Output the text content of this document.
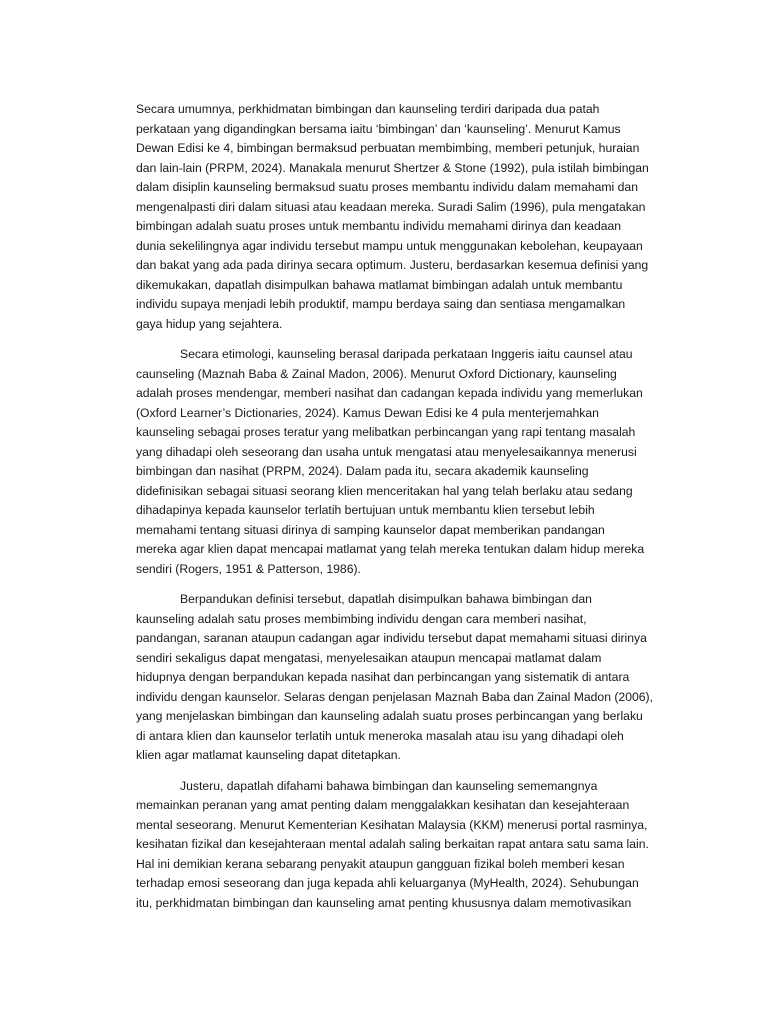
Secara umumnya, perkhidmatan bimbingan dan kaunseling terdiri daripada dua patah
perkataan yang digandingkan bersama iaitu ‘bimbingan’ dan ‘kaunseling’. Menurut Kamus
Dewan Edisi ke 4, bimbingan bermaksud perbuatan membimbing, memberi petunjuk, huraian
dan lain-lain (PRPM, 2024). Manakala menurut Shertzer & Stone (1992), pula istilah bimbingan
dalam disiplin kaunseling bermaksud suatu proses membantu individu dalam memahami dan
mengenalpasti diri dalam situasi atau keadaan mereka. Suradi Salim (1996), pula mengatakan
bimbingan adalah suatu proses untuk membantu individu memahami dirinya dan keadaan
dunia sekelilingnya agar individu tersebut mampu untuk menggunakan kebolehan, keupayaan
dan bakat yang ada pada dirinya secara optimum. Justeru, berdasarkan kesemua definisi yang
dikemukakan, dapatlah disimpulkan bahawa matlamat bimbingan adalah untuk membantu
individu supaya menjadi lebih produktif, mampu berdaya saing dan sentiasa mengamalkan
gaya hidup yang sejahtera.
Secara etimologi, kaunseling berasal daripada perkataan Inggeris iaitu caunsel atau
caunseling (Maznah Baba & Zainal Madon, 2006). Menurut Oxford Dictionary, kaunseling
adalah proses mendengar, memberi nasihat dan cadangan kepada individu yang memerlukan
(Oxford Learner’s Dictionaries, 2024). Kamus Dewan Edisi ke 4 pula menterjemahkan
kaunseling sebagai proses teratur yang melibatkan perbincangan yang rapi tentang masalah
yang dihadapi oleh seseorang dan usaha untuk mengatasi atau menyelesaikannya menerusi
bimbingan dan nasihat (PRPM, 2024). Dalam pada itu, secara akademik kaunseling
didefinisikan sebagai situasi seorang klien menceritakan hal yang telah berlaku atau sedang
dihadapinya kepada kaunselor terlatih bertujuan untuk membantu klien tersebut lebih
memahami tentang situasi dirinya di samping kaunselor dapat memberikan pandangan
mereka agar klien dapat mencapai matlamat yang telah mereka tentukan dalam hidup mereka
sendiri (Rogers, 1951 & Patterson, 1986).
Berpandukan definisi tersebut, dapatlah disimpulkan bahawa bimbingan dan
kaunseling adalah satu proses membimbing individu dengan cara memberi nasihat,
pandangan, saranan ataupun cadangan agar individu tersebut dapat memahami situasi dirinya
sendiri sekaligus dapat mengatasi, menyelesaikan ataupun mencapai matlamat dalam
hidupnya dengan berpandukan kepada nasihat dan perbincangan yang sistematik di antara
individu dengan kaunselor. Selaras dengan penjelasan Maznah Baba dan Zainal Madon (2006),
yang menjelaskan bimbingan dan kaunseling adalah suatu proses perbincangan yang berlaku
di antara klien dan kaunselor terlatih untuk meneroka masalah atau isu yang dihadapi oleh
klien agar matlamat kaunseling dapat ditetapkan.
Justeru, dapatlah difahami bahawa bimbingan dan kaunseling sememangnya
memainkan peranan yang amat penting dalam menggalakkan kesihatan dan kesejahteraan
mental seseorang. Menurut Kementerian Kesihatan Malaysia (KKM) menerusi portal rasminya,
kesihatan fizikal dan kesejahteraan mental adalah saling berkaitan rapat antara satu sama lain.
Hal ini demikian kerana sebarang penyakit ataupun gangguan fizikal boleh memberi kesan
terhadap emosi seseorang dan juga kepada ahli keluarganya (MyHealth, 2024). Sehubungan
itu, perkhidmatan bimbingan dan kaunseling amat penting khususnya dalam memotivasikan
